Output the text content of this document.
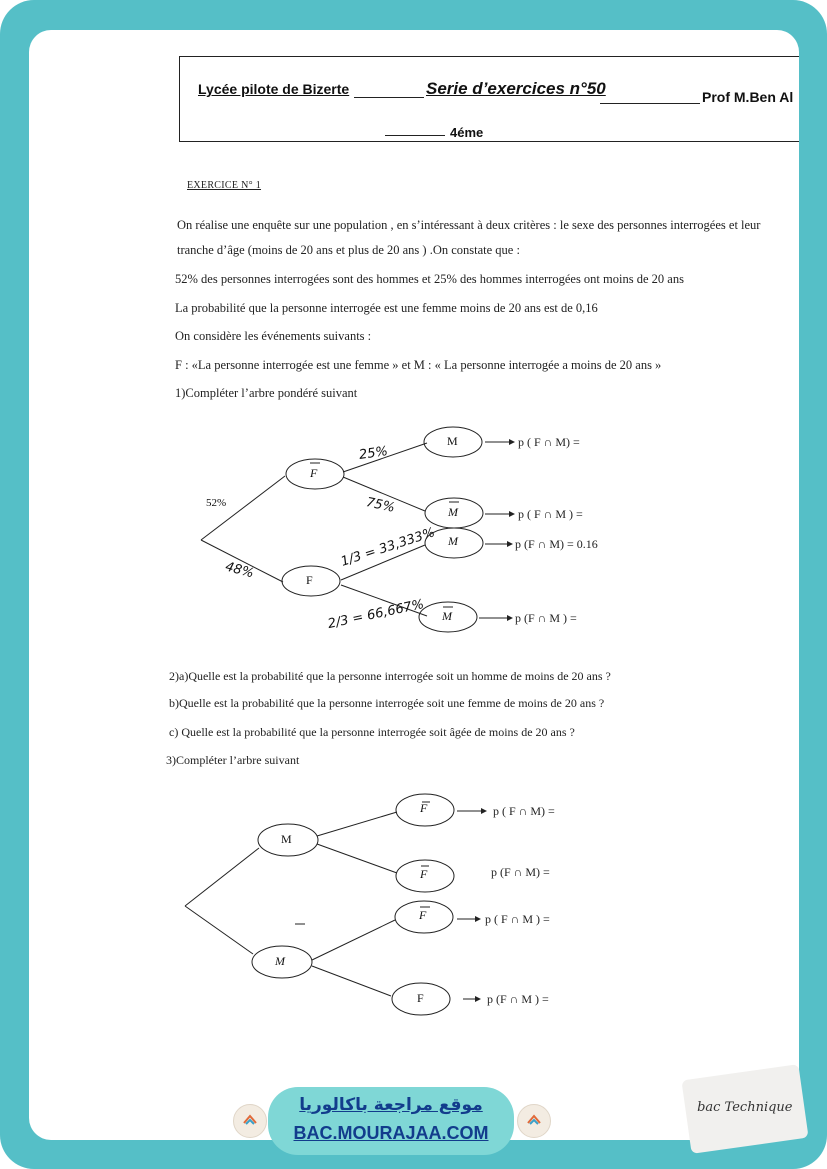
Lycée pilote de Bizerte	Serie d’exercices n°50	Prof M.Ben Al
4éme
EXERCICE N° 1
On réalise une enquête sur une population , en s’intéressant à deux critères : le sexe des personnes interrogées et leur
tranche d’âge (moins de 20 ans et plus de 20 ans ) .On constate que :
52% des personnes interrogées sont des hommes et 25% des hommes interrogées ont moins de 20 ans
La probabilité que la personne interrogée est une femme moins de 20 ans est de 0,16
On considère les événements suivants :
F : «La personne interrogée est une femme » et M : « La personne interrogée a moins de 20 ans »
1)Compléter l’arbre pondéré suivant
F
F
M
M
M
M
52%
48%
25%
75%
1/3 = 33,333%
2/3 = 66,667%
p ( F ∩ M) =
p ( F ∩ M ) =
p (F ∩ M) = 0.16
p (F ∩ M ) =
2)a)Quelle est la probabilité que la personne interrogée soit un homme de moins de 20 ans ?
b)Quelle est la probabilité que la personne interrogée soit une femme de moins de 20 ans ?
c) Quelle est la probabilité que la personne interrogée soit âgée de moins de 20 ans ?
3)Compléter l’arbre suivant
M
M
F
F
F
F
p ( F ∩ M) =
p (F ∩ M) =
p ( F ∩ M ) =
p (F ∩ M ) =
موقع مراجعة باكالوريا
BAC.MOURAJAA.COM
bac Technique
